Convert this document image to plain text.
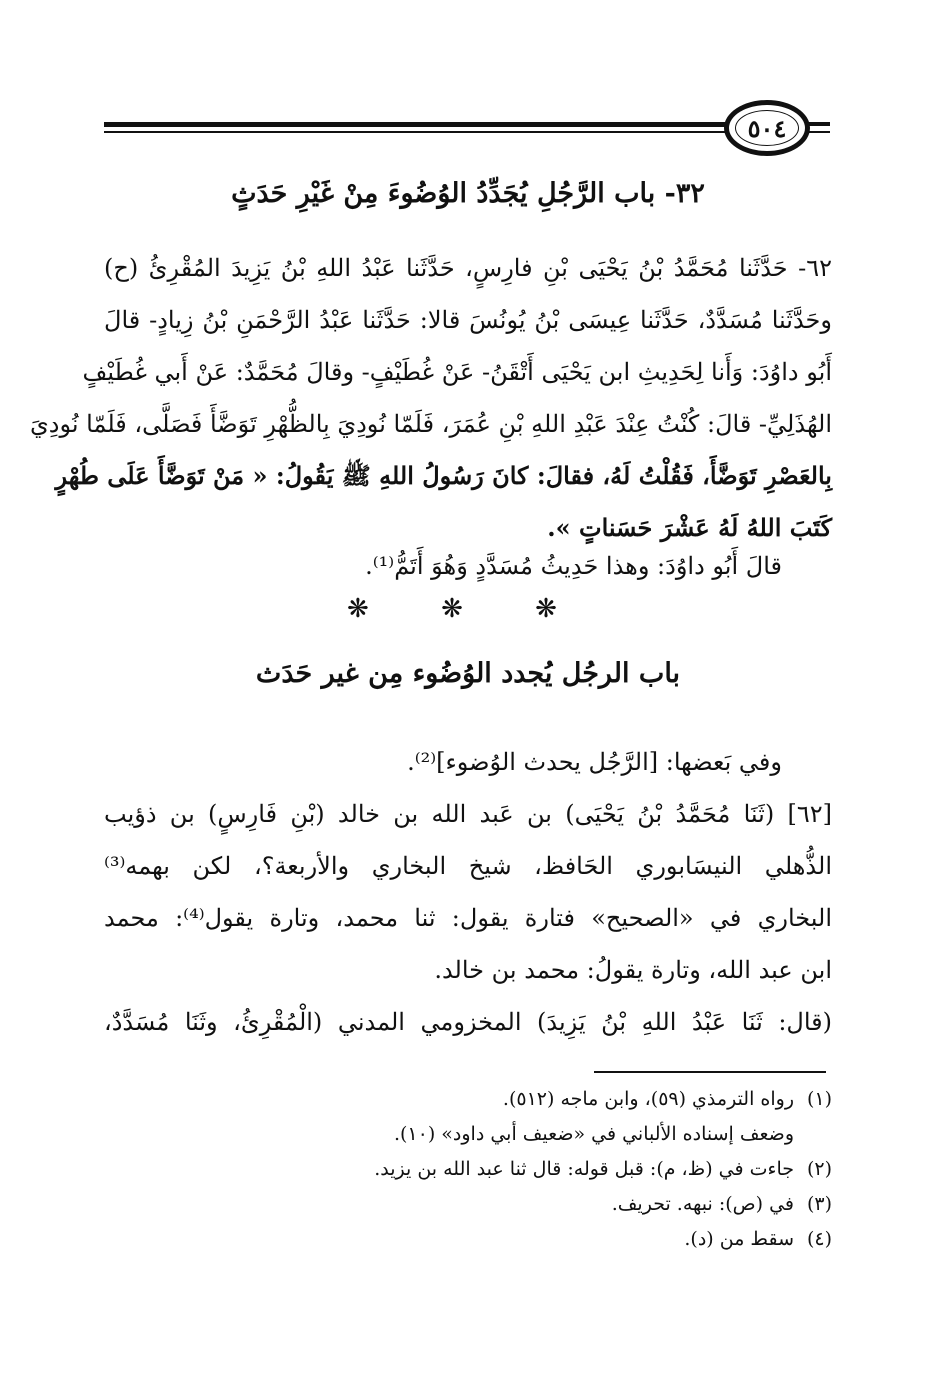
٥٠٤
٣٢- باب الرَّجُلِ يُجَدِّدُ الوُضُوءَ مِنْ غَيْرِ حَدَثٍ
٦٢- حَدَّثَنا مُحَمَّدُ بْنُ يَحْيَى بْنِ فارِسٍ، حَدَّثَنا عَبْدُ اللهِ بْنُ يَزِيدَ المُقْرِئُ (ح)
وحَدَّثَنا مُسَدَّدٌ، حَدَّثَنا عِيسَى بْنُ يُونُسَ قالا: حَدَّثَنا عَبْدُ الرَّحْمَنِ بْنُ زِيادٍ- قالَ
أَبُو داوُدَ: وَأَنا لِحَدِيثِ ابن يَحْيَى أَتْقَنُ- عَنْ غُطَيْفٍ- وقالَ مُحَمَّدٌ: عَنْ أَبي غُطَيْفٍ
الهُذَلِيِّ- قالَ: كُنْتُ عِنْدَ عَبْدِ اللهِ بْنِ عُمَرَ، فَلَمّا نُودِيَ بِالظُّهْرِ تَوَضَّأَ فَصَلَّى، فَلَمّا نُودِيَ
بِالعَصْرِ تَوَضَّأَ، فَقُلْتُ لَهُ، فقالَ: كانَ رَسُولُ اللهِ ﷺ يَقُولُ: « مَنْ تَوَضَّأَ عَلَى طُهْرٍ
كَتَبَ اللهُ لَهُ عَشْرَ حَسَناتٍ ».
قالَ أَبُو داوُدَ: وهذا حَدِيثُ مُسَدَّدٍ وَهُوَ أَتَمُّ⁽¹⁾.
❋ ❋ ❋
باب الرجُل يُجدد الوُضُوء مِن غير حَدَث
وفي بَعضها: [الرَّجُل يحدث الوُضوء]⁽²⁾.
[٦٢] (ثَنَا مُحَمَّدُ بْنُ يَحْيَى) بن عَبد الله بن خالد (بْنِ فَارِسٍ) بن ذؤيب
الذُّهلي النيسَابوري الحَافظ، شيخ البخاري والأربعة؟، لكن بهمه⁽³⁾
البخاري في «الصحيح» فتارة يقول: ثنا محمد، وتارة يقول⁽⁴⁾: محمد
ابن عبد الله، وتارة يقولُ: محمد بن خالد.
(قال: ثَنَا عَبْدُ اللهِ بْنُ يَزِيدَ) المخزومي المدني (الْمُقْرِئُ، وثَنَا مُسَدَّدٌ،
(١)رواه الترمذي (٥٩)، وابن ماجه (٥١٢).
وضعف إسناده الألباني في «ضعيف أبي داود» (١٠).
(٢)جاءت في (ظ، م): قبل قوله: قال ثنا عبد الله بن يزيد.
(٣)في (ص): نبهه. تحريف.
(٤)سقط من (د).
